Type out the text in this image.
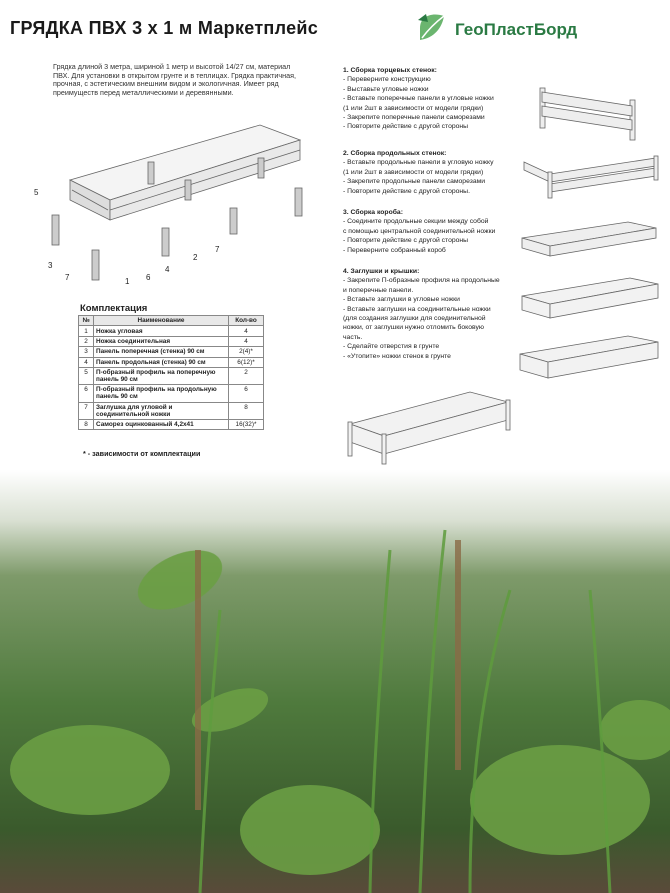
ГРЯДКА ПВХ 3 х 1 м Маркетплейс	ГеоПластБорд
Грядка длиной 3 метра, шириной 1 метр и высотой 14/27 см, материал ПВХ. Для установки в открытом грунте и в теплицах. Грядка практичная, прочная, с эстетическим внешним видом и экологичная. Имеет ряд преимуществ перед металлическими и деревянными.
5
3
7	1 6
4
2
7
Комплектация
№	Наименование	Кол-во
1	Ножка угловая	4
2	Ножка соединительная	4
3	Панель поперечная (стенка) 90 см	2(4)*
4	Панель продольная (стенка) 90 см	6(12)*
5	П-образный профиль на поперечную панель 90 см	2
6	П-образный профиль на продольную панель 90 см	6
7	Заглушка для угловой и соединительной ножки	8
8	Саморез оцинкованный 4,2х41	16(32)*
* - зависимости от комплектации
1. Сборка торцевых стенок:
- Переверните конструкцию
- Выставьте угловые ножки
- Вставьте поперечные панели в угловые ножки
(1 или 2шт в зависимости от модели грядки)
- Закрепите поперечные панели саморезами
- Повторите действие с другой стороны
2. Сборка продольных стенок:
- Вставьте продольные панели в угловую ножку
(1 или 2шт в зависимости от модели грядки)
- Закрепите продольные панели саморезами
- Повторите действие с другой стороны.
3. Сборка короба:
- Соедините продольные секции между собой
с помощью центральной соединительной ножки
- Повторите действие с другой стороны
- Переверните собранный короб
4. Заглушки и крышки:
- Закрепите П-образные профиля на продольные
и поперечные панели.
- Вставьте заглушки в угловые ножки
- Вставьте заглушки на соединительные ножки
(для создания заглушки для соединительной
ножки, от заглушки нужно отломить боковую
часть.
- Сделайте отверстия в грунте
- «Утопите» ножки стенок в грунте
